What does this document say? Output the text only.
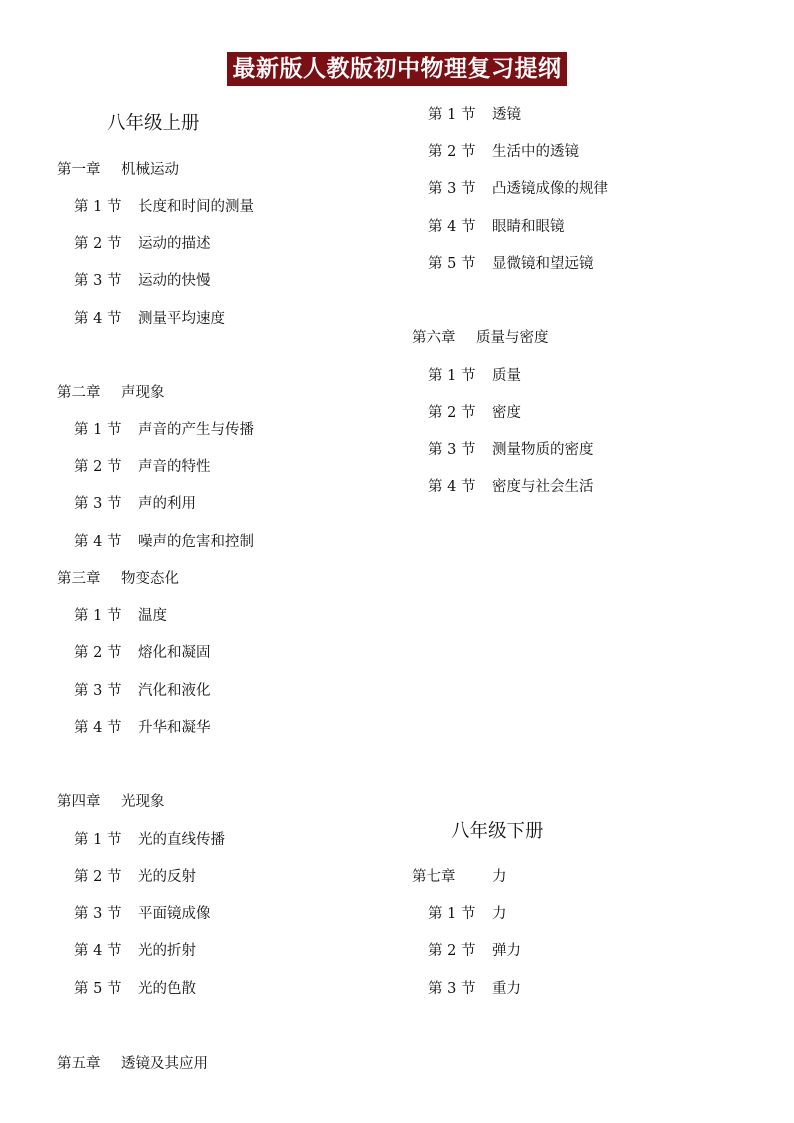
最新版人教版初中物理复习提纲
八年级上册
第一章 机械运动
第 1 节 长度和时间的测量
第 2 节 运动的描述
第 3 节 运动的快慢
第 4 节 测量平均速度
第二章 声现象
第 1 节 声音的产生与传播
第 2 节 声音的特性
第 3 节 声的利用
第 4 节 噪声的危害和控制
第三章 物变态化
第 1 节 温度
第 2 节 熔化和凝固
第 3 节 汽化和液化
第 4 节 升华和凝华
第四章 光现象
第 1 节 光的直线传播
第 2 节 光的反射
第 3 节 平面镜成像
第 4 节 光的折射
第 5 节 光的色散
第五章 透镜及其应用
第 1 节 透镜
第 2 节 生活中的透镜
第 3 节 凸透镜成像的规律
第 4 节 眼睛和眼镜
第 5 节 显微镜和望远镜
第六章 质量与密度
第 1 节 质量
第 2 节 密度
第 3 节 测量物质的密度
第 4 节 密度与社会生活
八年级下册
第七章	力
第 1 节 力
第 2 节 弹力
第 3 节 重力
